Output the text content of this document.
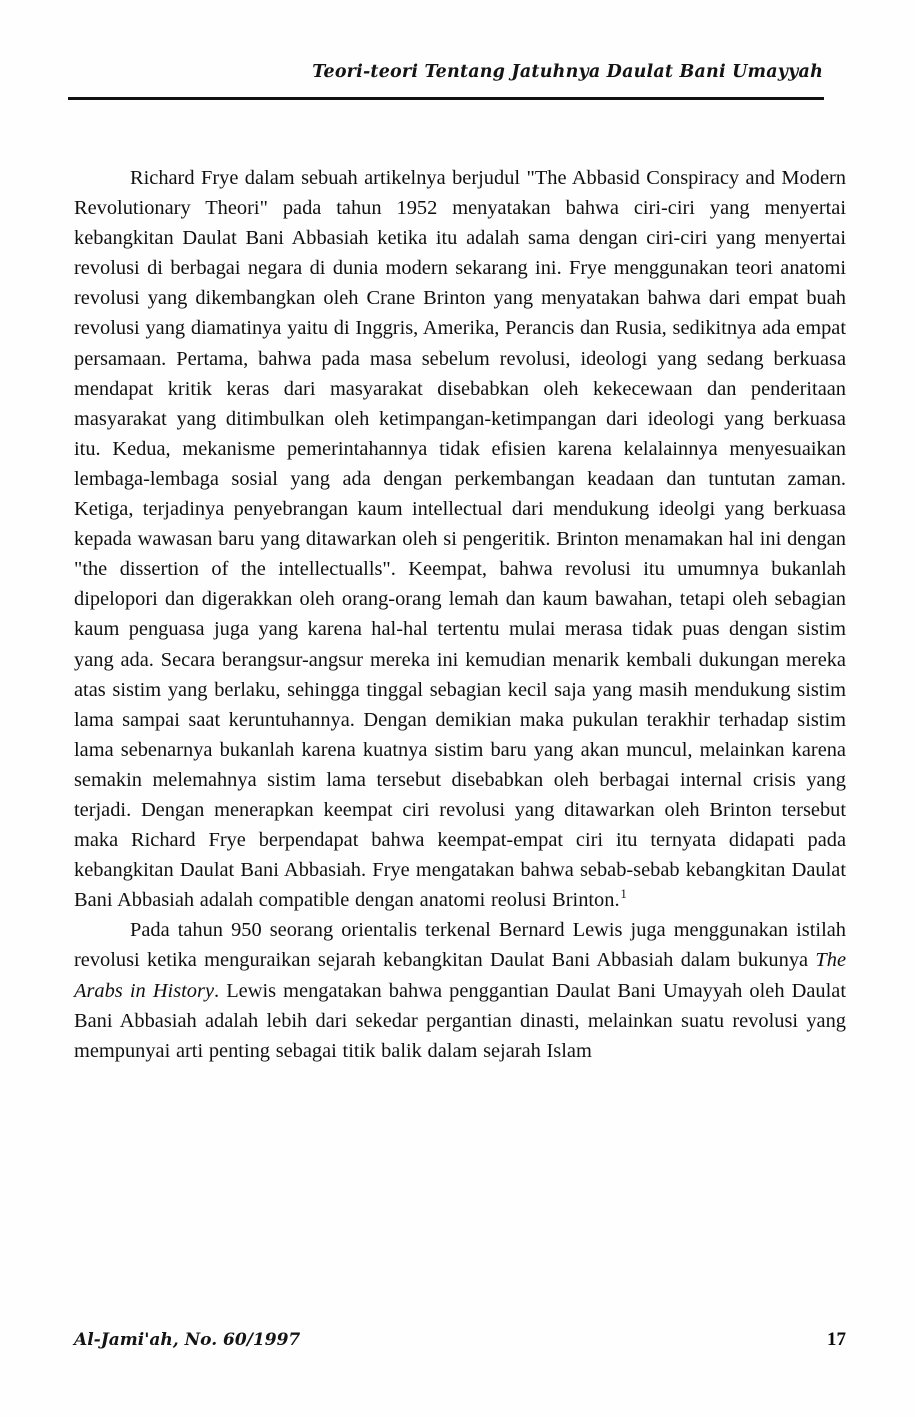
Teori-teori Tentang Jatuhnya Daulat Bani Umayyah

Richard Frye dalam sebuah artikelnya berjudul "The Abbasid Conspiracy and Modern Revolutionary Theori" pada tahun 1952 menyatakan bahwa ciri-ciri yang menyertai kebangkitan Daulat Bani Abbasiah ketika itu adalah sama dengan ciri-ciri yang menyertai revolusi di berbagai negara di dunia modern sekarang ini. Frye menggunakan teori anatomi revolusi yang dikembangkan oleh Crane Brinton yang menyatakan bahwa dari empat buah revolusi yang diamatinya yaitu di Inggris, Amerika, Perancis dan Rusia, sedikitnya ada empat persamaan. Pertama, bahwa pada masa sebelum revolusi, ideologi yang sedang berkuasa mendapat kritik keras dari masyarakat disebabkan oleh kekecewaan dan penderitaan masyarakat yang ditimbulkan oleh ketimpangan-ketimpangan dari ideologi yang berkuasa itu. Kedua, mekanisme pemerintahannya tidak efisien karena kelalainnya menyesuaikan lembaga-lembaga sosial yang ada dengan perkembangan keadaan dan tuntutan zaman. Ketiga, terjadinya penyebrangan kaum intellectual dari mendukung ideolgi yang berkuasa kepada wawasan baru yang ditawarkan oleh si pengeritik. Brinton menamakan hal ini dengan "the dissertion of the intellectualls". Keempat, bahwa revolusi itu umumnya bukanlah dipelopori dan digerakkan oleh orang-orang lemah dan kaum bawahan, tetapi oleh sebagian kaum penguasa juga yang karena hal-hal tertentu mulai merasa tidak puas dengan sistim yang ada. Secara berangsur-angsur mereka ini kemudian menarik kembali dukungan mereka atas sistim yang berlaku, sehingga tinggal sebagian kecil saja yang masih mendukung sistim lama sampai saat keruntuhannya. Dengan demikian maka pukulan terakhir terhadap sistim lama sebenarnya bukanlah karena kuatnya sistim baru yang akan muncul, melainkan karena semakin melemahnya sistim lama tersebut disebabkan oleh berbagai internal crisis yang terjadi. Dengan menerapkan keempat ciri revolusi yang ditawarkan oleh Brinton tersebut maka Richard Frye berpendapat bahwa keempat-empat ciri itu ternyata didapati pada kebangkitan Daulat Bani Abbasiah. Frye mengatakan bahwa sebab-sebab kebangkitan Daulat Bani Abbasiah adalah compatible dengan anatomi reolusi Brinton.$^1$

Pada tahun 950 seorang orientalis terkenal Bernard Lewis juga menggunakan istilah revolusi ketika menguraikan sejarah kebangkitan Daulat Bani Abbasiah dalam bukunya The Arabs in History. Lewis mengatakan bahwa penggantian Daulat Bani Umayyah oleh Daulat Bani Abbasiah adalah lebih dari sekedar pergantian dinasti, melainkan suatu revolusi yang mempunyai arti penting sebagai titik balik dalam sejarah Islam

Al-Jami'ah, No. 60/1997	17
